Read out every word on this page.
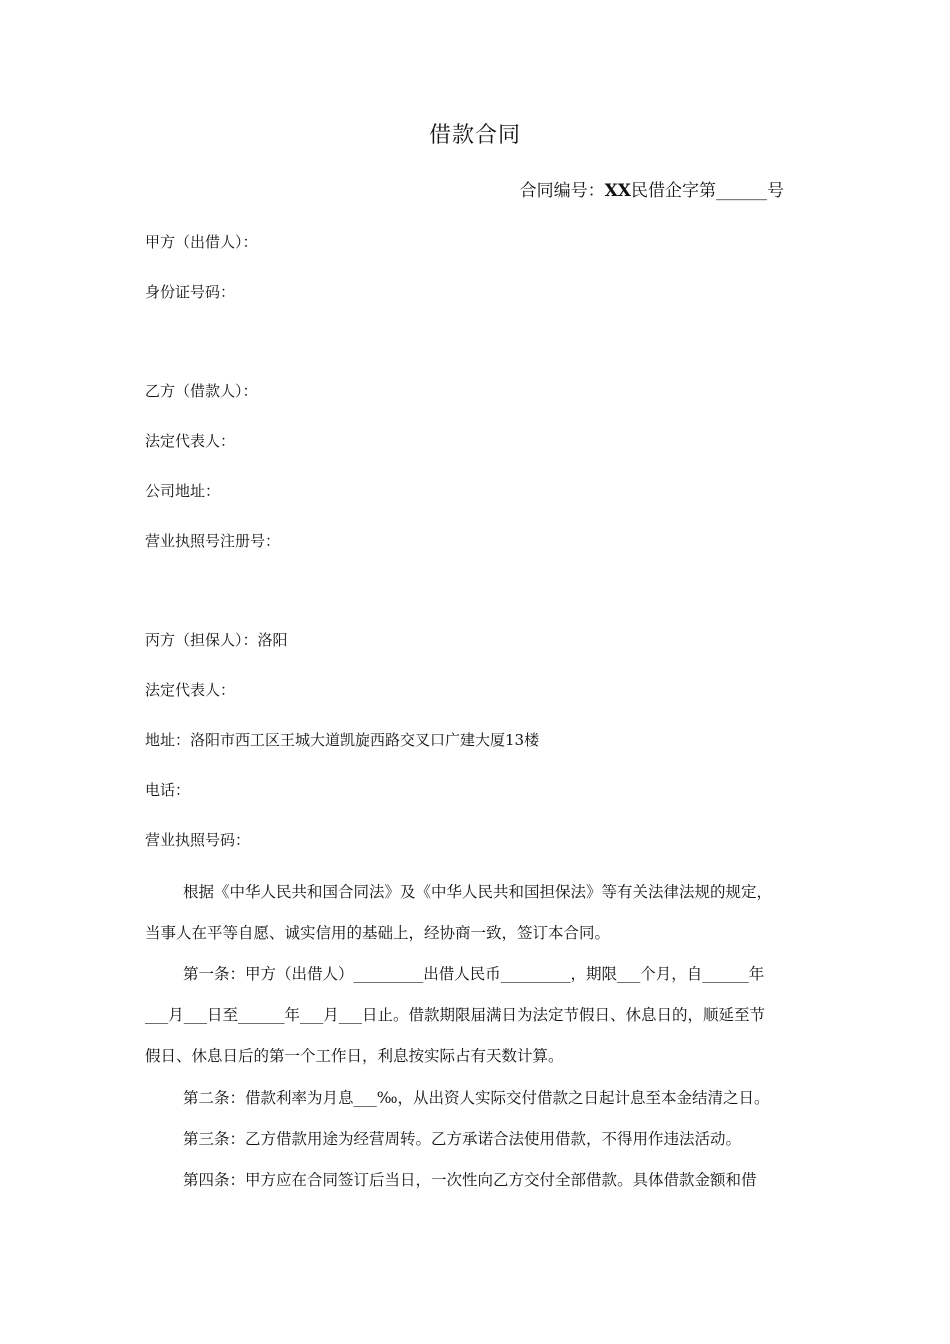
借款合同
合同编号：XX民借企字第______号
甲方（出借人）：
身份证号码：
乙方（借款人）：
法定代表人：
公司地址：
营业执照号注册号：
丙方（担保人）：洛阳
法定代表人：
地址：洛阳市西工区王城大道凯旋西路交叉口广建大厦13楼
电话：
营业执照号码：
根据《中华人民共和国合同法》及《中华人民共和国担保法》等有关法律法规的规定，
当事人在平等自愿、诚实信用的基础上，经协商一致，签订本合同。
第一条：甲方（出借人）_________出借人民币_________，期限___个月，自______年
___月___日至______年___月___日止。借款期限届满日为法定节假日、休息日的，顺延至节
假日、休息日后的第一个工作日，利息按实际占有天数计算。
第二条：借款利率为月息___‰，从出资人实际交付借款之日起计息至本金结清之日。
第三条：乙方借款用途为经营周转。乙方承诺合法使用借款，不得用作违法活动。
第四条：甲方应在合同签订后当日，一次性向乙方交付全部借款。具体借款金额和借
